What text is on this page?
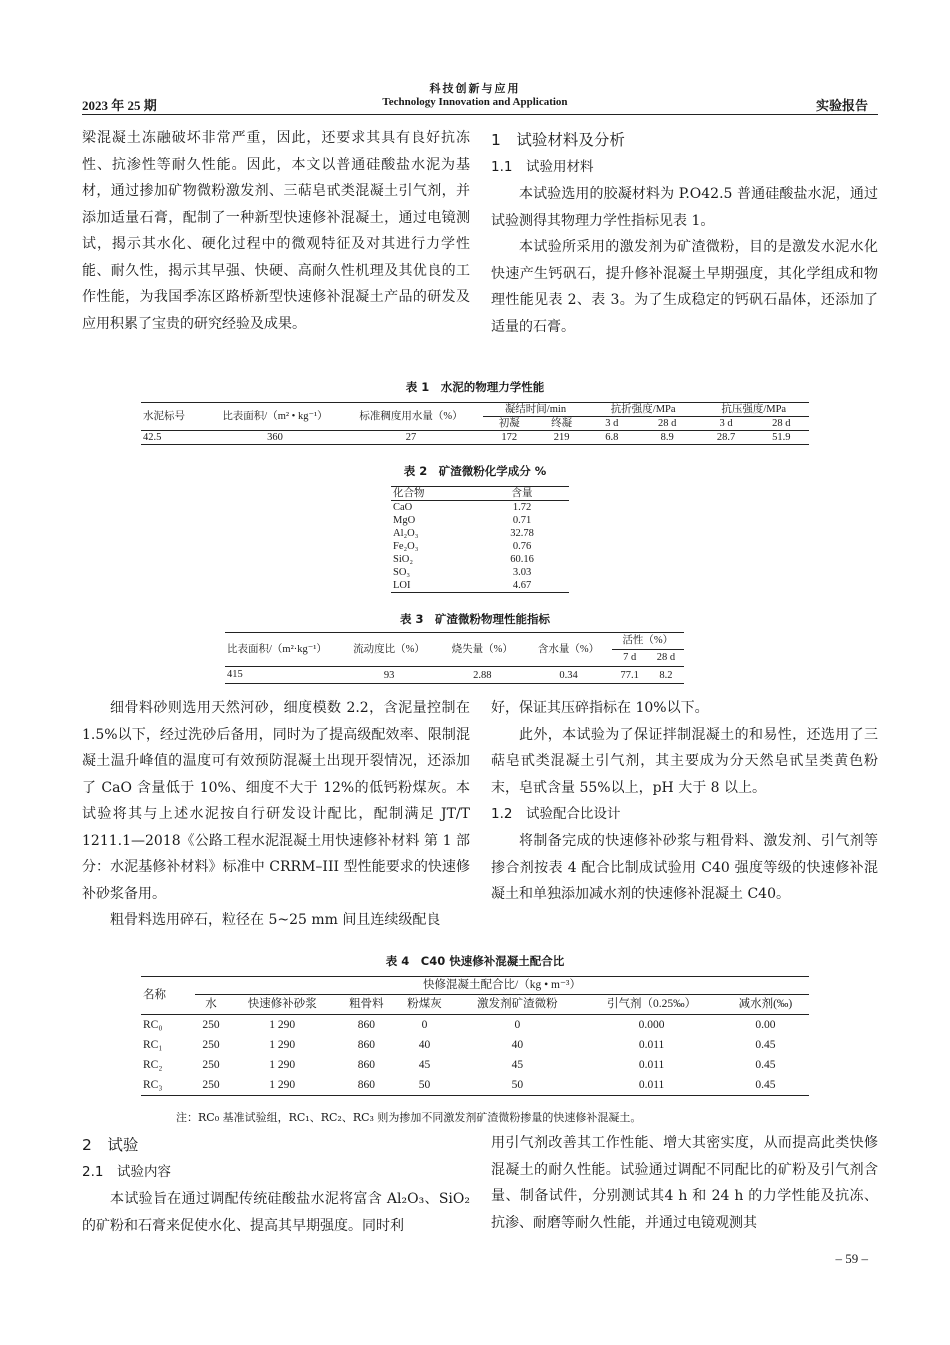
科技创新与应用
2023 年 25 期	Technology Innovation and Application	实验报告

梁混凝土冻融破坏非常严重，因此，还要求其具有良好抗冻性、抗渗性等耐久性能。因此，本文以普通硅酸盐水泥为基材，通过掺加矿物微粉激发剂、三萜皂甙类混凝土引气剂，并添加适量石膏，配制了一种新型快速修补混凝土，通过电镜测试，揭示其水化、硬化过程中的微观特征及对其进行力学性能、耐久性，揭示其早强、快硬、高耐久性机理及其优良的工作性能，为我国季冻区路桥新型快速修补混凝土产品的研发及应用积累了宝贵的研究经验及成果。

1　试验材料及分析

1.1　试验用材料

本试验选用的胶凝材料为 P.O42.5 普通硅酸盐水泥，通过试验测得其物理力学性指标见表 1。

本试验所采用的激发剂为矿渣微粉，目的是激发水泥水化快速产生钙矾石，提升修补混凝土早期强度，其化学组成和物理性能见表 2、表 3。为了生成稳定的钙矾石晶体，还添加了适量的石膏。

表 1　水泥的物理力学性能
水泥标号	比表面积/（m² • kg⁻¹）	标准稠度用水量（%）	凝结时间/min		抗折强度/MPa		抗压强度/MPa	
			初凝	终凝	3 d	28 d	3 d	28 d
42.5	360	27	172	219	6.8	8.9	28.7	51.9
表 2　矿渣微粉化学成分 %
化合物	含量
CaO	1.72
MgO	0.71
Al₂O₃	32.78
Fe₂O₃	0.76
SiO₂	60.16
SO₃	3.03
LOI	4.67
表 3　矿渣微粉物理性能指标
比表面积/（m²·kg⁻¹）	流动度比（%）	烧失量（%）	含水量（%）	活性（%）	
				7 d	28 d
415	93	2.88	0.34	77.1	8.2

细骨料砂则选用天然河砂，细度模数 2.2，含泥量控制在 1.5%以下，经过洗砂后备用，同时为了提高级配效率、限制混凝土温升峰值的温度可有效预防混凝土出现开裂情况，还添加了 CaO 含量低于 10%、细度不大于 12%的低钙粉煤灰。本试验将其与上述水泥按自行研发设计配比，配制满足 JT/T 1211.1—2018《公路工程水泥混凝土用快速修补材料 第 1 部分：水泥基修补材料》标准中 CRRM–III 型性能要求的快速修补砂浆备用。

粗骨料选用碎石，粒径在 5~25 mm 间且连续级配良

好，保证其压碎指标在 10%以下。

此外，本试验为了保证拌制混凝土的和易性，还选用了三萜皂甙类混凝土引气剂，其主要成为分天然皂甙呈类黄色粉末，皂甙含量 55%以上，pH 大于 8 以上。

1.2　试验配合比设计

将制备完成的快速修补砂浆与粗骨料、激发剂、引气剂等掺合剂按表 4 配合比制成试验用 C40 强度等级的快速修补混凝土和单独添加减水剂的快速修补混凝土 C40。

表 4　C40 快速修补混凝土配合比
名称	快修混凝土配合比/（kg • m⁻³）						
	水	快速修补砂浆	粗骨料	粉煤灰	激发剂矿渣微粉	引气剂（0.25‰）	减水剂(‰)
RC₀	250	1 290	860	0	0	0.000	0.00
RC₁	250	1 290	860	40	40	0.011	0.45
RC₂	250	1 290	860	45	45	0.011	0.45
RC₃	250	1 290	860	50	50	0.011	0.45
注：RC₀ 基准试验组，RC₁、RC₂、RC₃ 则为掺加不同激发剂矿渣微粉掺量的快速修补混凝土。

2　试验

2.1　试验内容

本试验旨在通过调配传统硅酸盐水泥将富含 Al₂O₃、SiO₂ 的矿粉和石膏来促使水化、提高其早期强度。同时利

用引气剂改善其工作性能、增大其密实度，从而提高此类快修混凝土的耐久性能。试验通过调配不同配比的矿粉及引气剂含量、制备试件，分别测试其4 h 和 24 h 的力学性能及抗冻、抗渗、耐磨等耐久性能，并通过电镜观测其

– 59 –
